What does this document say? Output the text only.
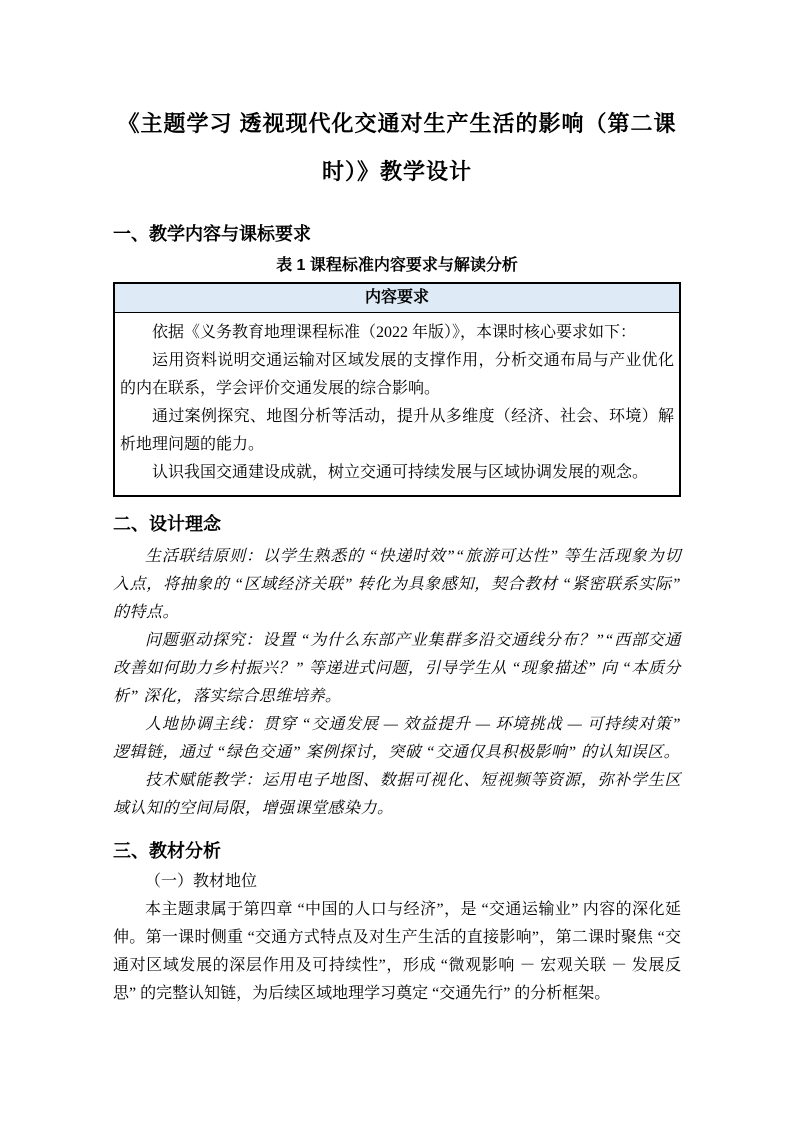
《主题学习 透视现代化交通对生产生活的影响（第二课
时）》教学设计
一、教学内容与课标要求
表 1 课程标准内容要求与解读分析
内容要求

依据《义务教育地理课程标准（2022 年版）》，本课时核心要求如下：

运用资料说明交通运输对区域发展的支撑作用，分析交通布局与产业优化的内在联系，学会评价交通发展的综合影响。

通过案例探究、地图分析等活动，提升从多维度（经济、社会、环境）解析地理问题的能力。

认识我国交通建设成就，树立交通可持续发展与区域协调发展的观念。

二、设计理念

生活联结原则：以学生熟悉的 “快递时效”“旅游可达性” 等生活现象为切入点，将抽象的 “区域经济关联” 转化为具象感知，契合教材 “紧密联系实际” 的特点。

问题驱动探究：设置 “为什么东部产业集群多沿交通线分布？”“西部交通改善如何助力乡村振兴？” 等递进式问题，引导学生从 “现象描述” 向 “本质分析” 深化，落实综合思维培养。

人地协调主线：贯穿 “交通发展 — 效益提升 — 环境挑战 — 可持续对策” 逻辑链，通过 “绿色交通” 案例探讨，突破 “交通仅具积极影响” 的认知误区。

技术赋能教学：运用电子地图、数据可视化、短视频等资源，弥补学生区域认知的空间局限，增强课堂感染力。

三、教材分析

（一）教材地位

本主题隶属于第四章 “中国的人口与经济”，是 “交通运输业” 内容的深化延伸。第一课时侧重 “交通方式特点及对生产生活的直接影响”，第二课时聚焦 “交通对区域发展的深层作用及可持续性”，形成 “微观影响 － 宏观关联 － 发展反思” 的完整认知链，为后续区域地理学习奠定 “交通先行” 的分析框架。
